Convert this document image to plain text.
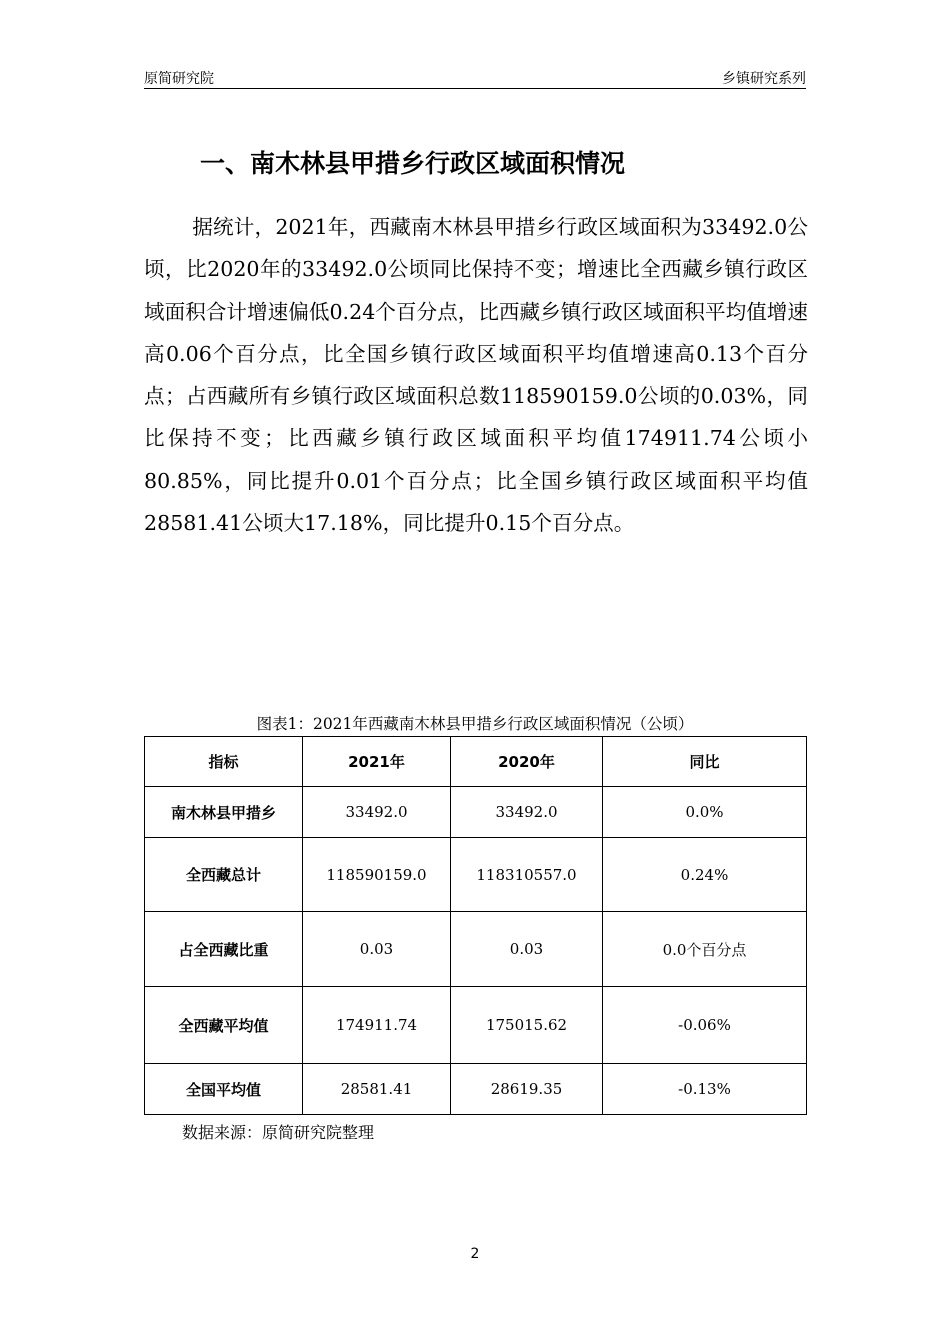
原简研究院	乡镇研究系列
一、南木林县甲措乡行政区域面积情况

据统计，2021年，西藏南木林县甲措乡行政区域面积为33492.0公顷，比2020年的33492.0公顷同比保持不变；增速比全西藏乡镇行政区域面积合计增速偏低0.24个百分点，比西藏乡镇行政区域面积平均值增速高0.06个百分点，比全国乡镇行政区域面积平均值增速高0.13个百分点；占西藏所有乡镇行政区域面积总数118590159.0公顷的0.03%，同比保持不变；比西藏乡镇行政区域面积平均值174911.74公顷小80.85%，同比提升0.01个百分点；比全国乡镇行政区域面积平均值28581.41公顷大17.18%，同比提升0.15个百分点。

图表1：2021年西藏南木林县甲措乡行政区域面积情况（公顷）
指标	2021年	2020年	同比
南木林县甲措乡	33492.0	33492.0	0.0%
全西藏总计	118590159.0	118310557.0	0.24%
占全西藏比重	0.03	0.03	0.0个百分点
全西藏平均值	174911.74	175015.62	-0.06%
全国平均值	28581.41	28619.35	-0.13%
数据来源：原简研究院整理
2
